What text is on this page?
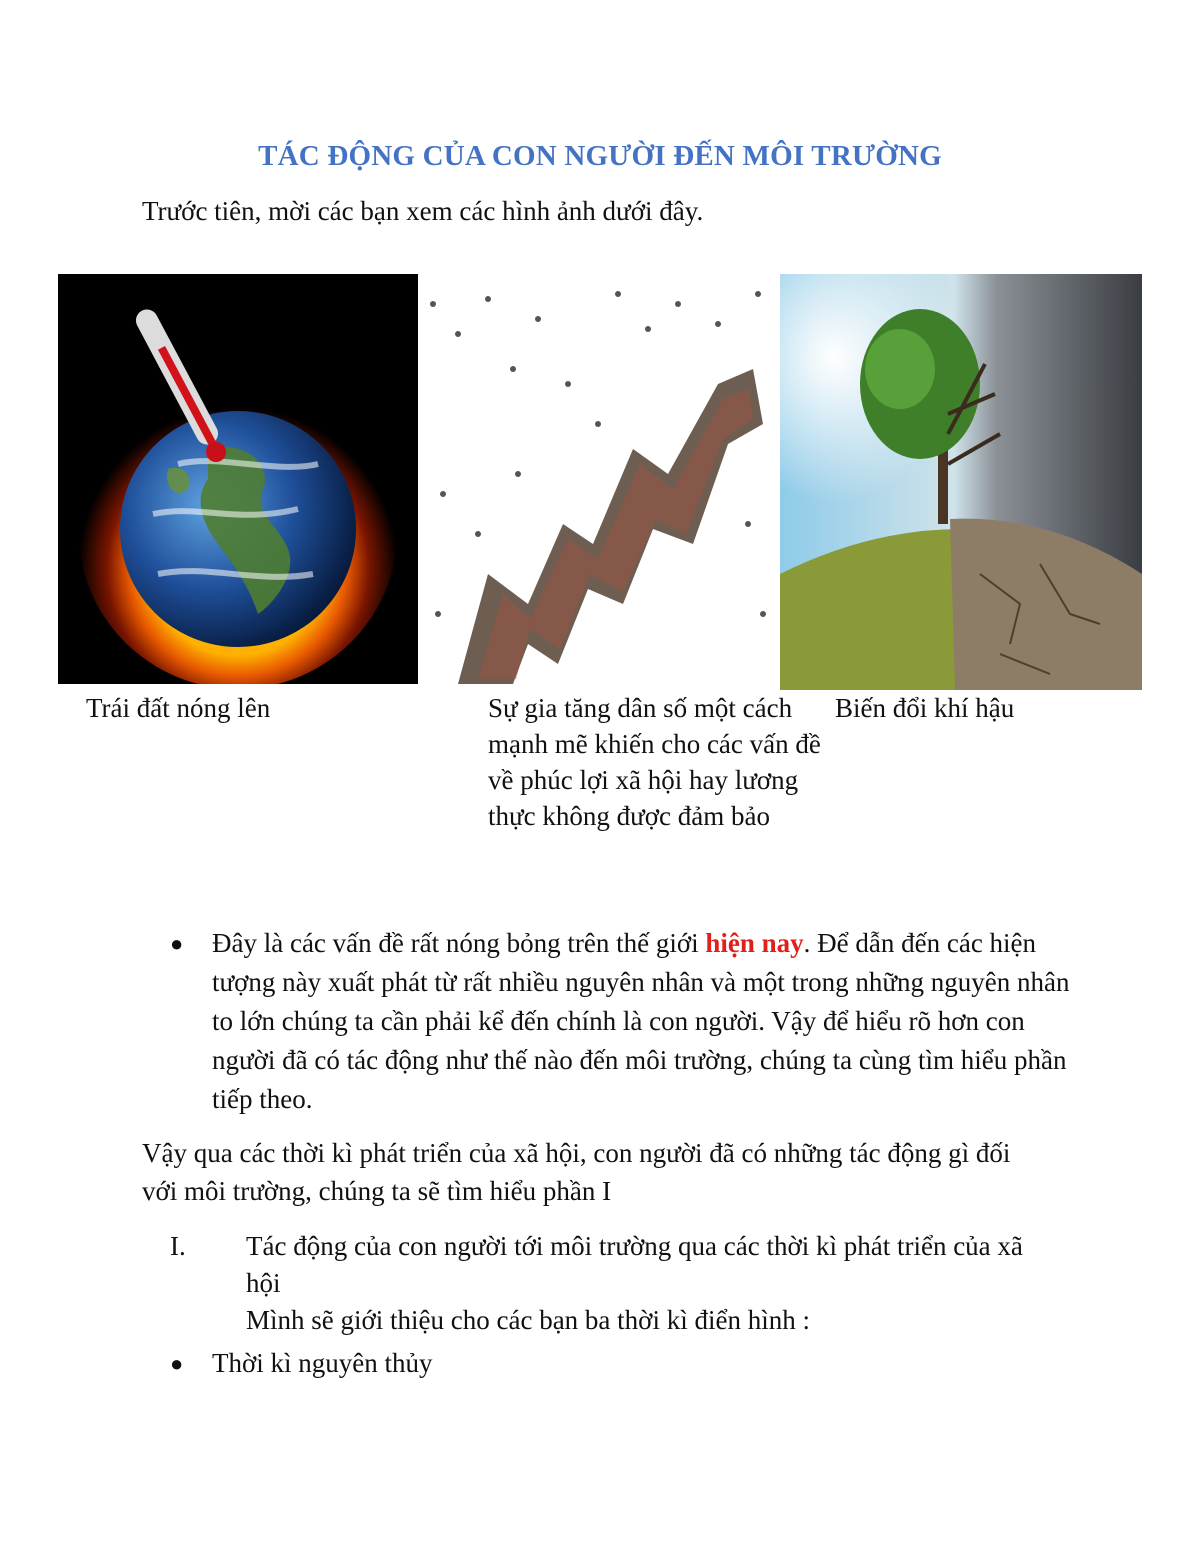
TÁC ĐỘNG CỦA CON NGƯỜI ĐẾN MÔI TRƯỜNG
Trước tiên, mời các bạn xem các hình ảnh dưới đây.
Trái đất nóng lên	Sự gia tăng dân số một cách mạnh mẽ khiến cho các vấn đề về phúc lợi xã hội hay lương thực không được đảm bảo
Biến đổi khí hậu
● Đây là các vấn đề rất nóng bỏng trên thế giới hiện nay. Để dẫn đến các hiện tượng này xuất phát từ rất nhiều nguyên nhân và một trong những nguyên nhân to lớn chúng ta cần phải kể đến chính là con người. Vậy để hiểu rõ hơn con người đã có tác động như thế nào đến môi trường, chúng ta cùng tìm hiểu phần tiếp theo.
Vậy qua các thời kì phát triển của xã hội, con người đã có những tác động gì đối với môi trường, chúng ta sẽ tìm hiểu phần I
I. Tác động của con người tới môi trường qua các thời kì phát triển của xã hội
Mình sẽ giới thiệu cho các bạn ba thời kì điển hình :
● Thời kì nguyên thủy
